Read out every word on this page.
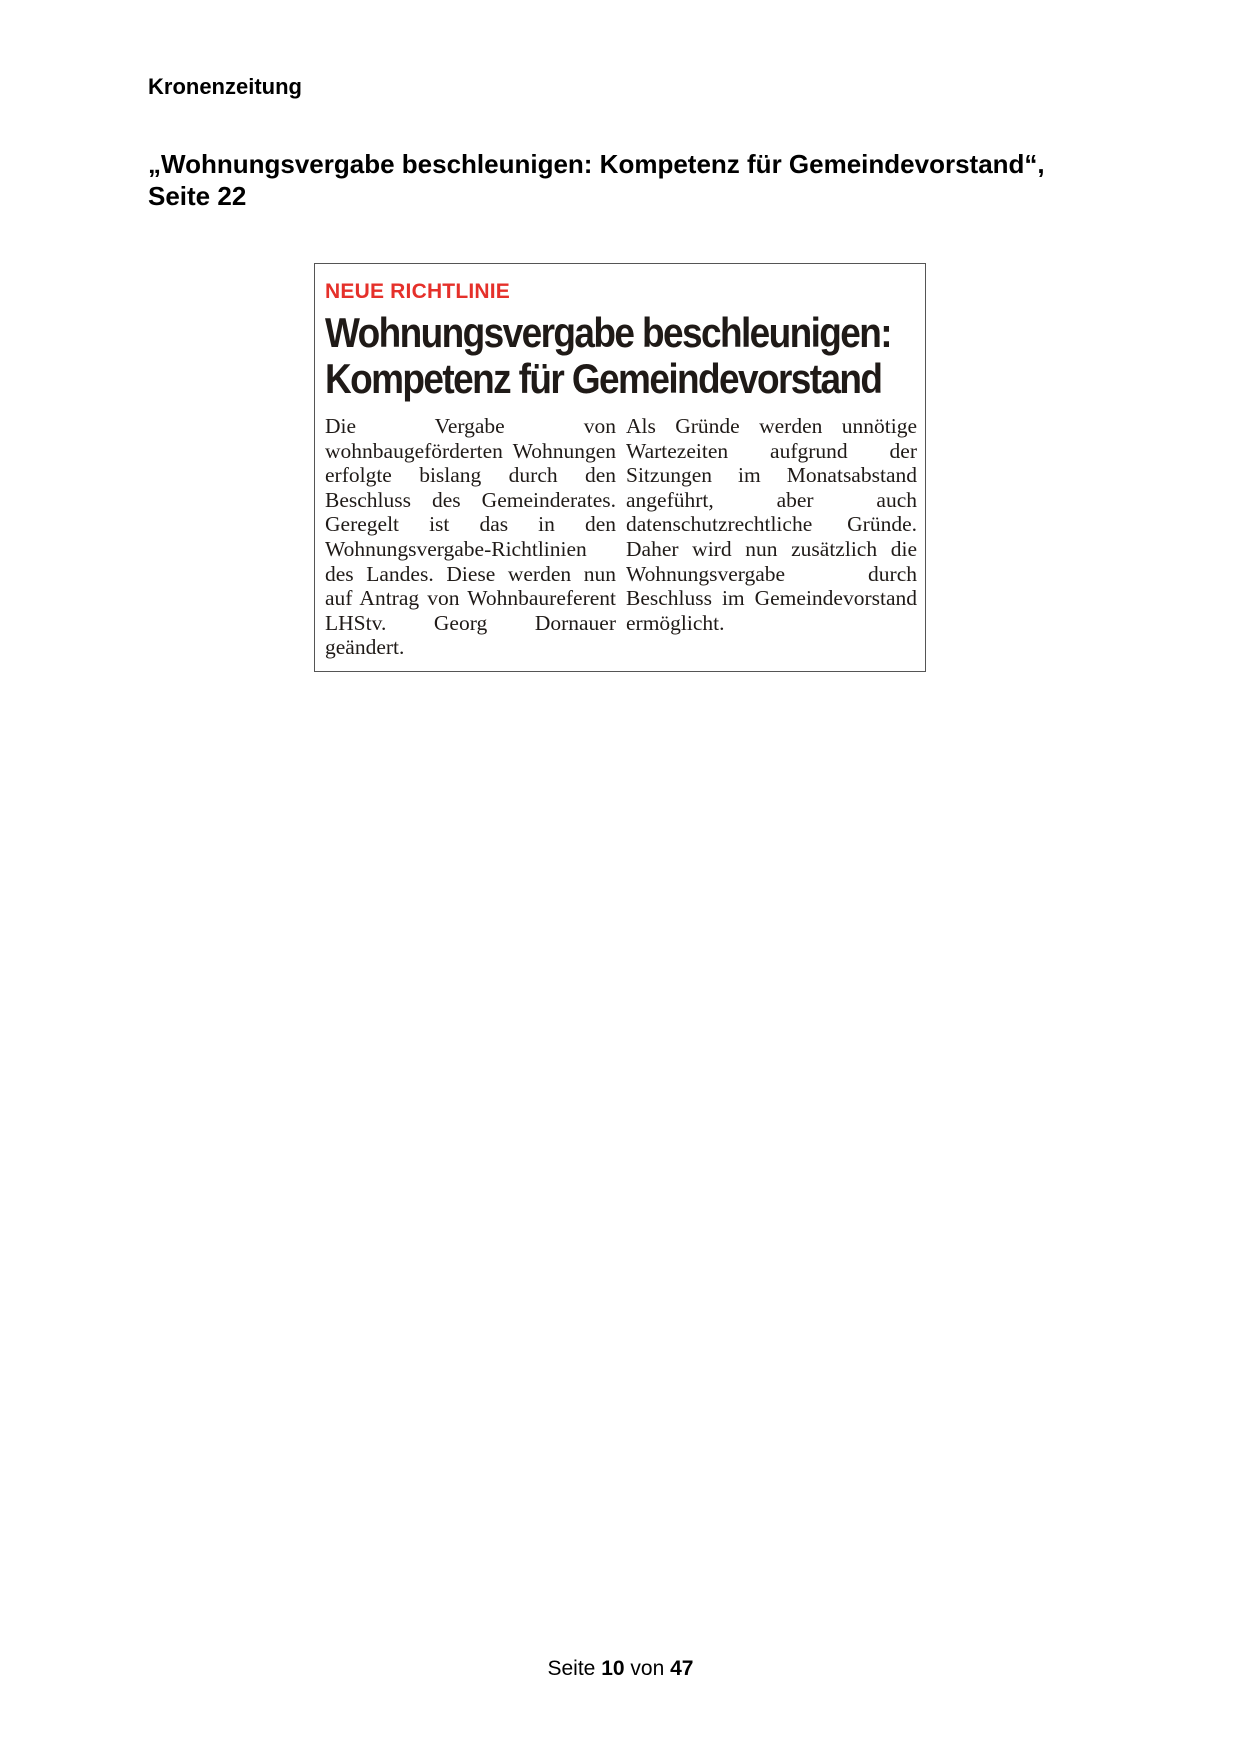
Kronenzeitung
„Wohnungsvergabe beschleunigen: Kompetenz für Gemeindevorstand“, Seite 22
NEUE RICHTLINIE
Wohnungsvergabe beschleunigen:
Kompetenz für Gemeindevorstand
Die Vergabe von wohnbaugeförderten Wohnungen erfolgte bislang durch den Beschluss des Gemeinderates. Geregelt ist das in den Wohnungsvergabe-Richtlinien des Landes. Diese werden nun auf Antrag von Wohnbaureferent LHStv. Georg Dornauer geändert.
Als Gründe werden unnötige Wartezeiten aufgrund der Sitzungen im Monatsabstand angeführt, aber auch datenschutzrechtliche Gründe. Daher wird nun zusätzlich die Wohnungsvergabe durch Beschluss im Gemeindevorstand ermöglicht.
Seite 10 von 47
